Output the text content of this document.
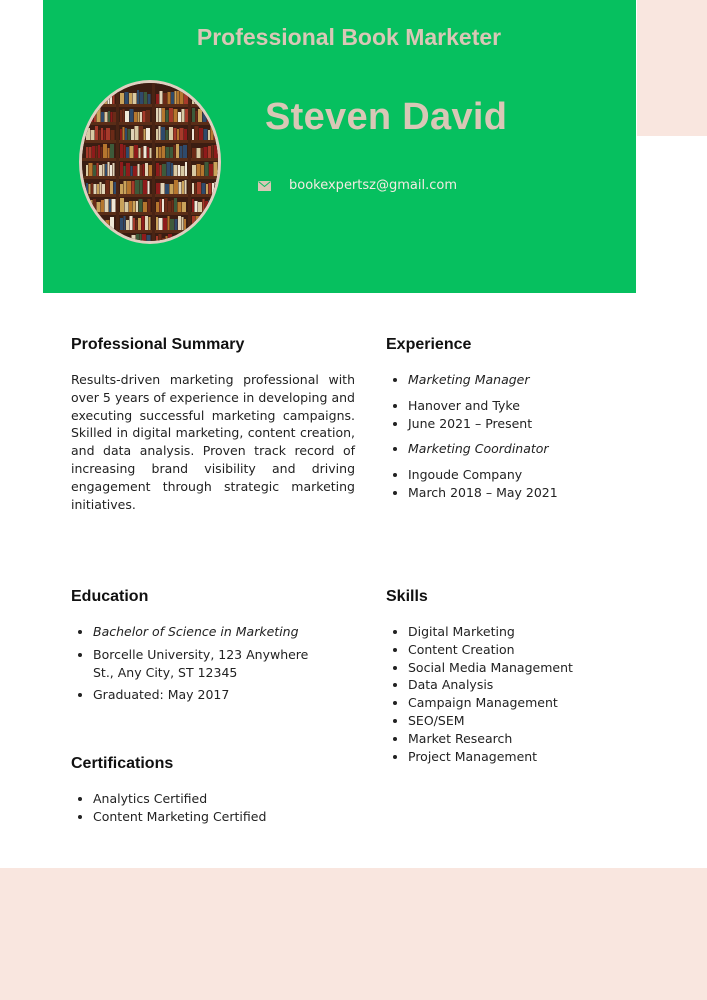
Professional Book Marketer
Steven David
bookexpertsz@gmail.com
Professional Summary

Results-driven marketing professional with over 5 years of experience in developing and executing successful marketing campaigns. Skilled in digital marketing, content creation, and data analysis. Proven track record of increasing brand visibility and driving engagement through strategic marketing initiatives.

Experience
Marketing Manager
Hanover and Tyke
June 2021 – Present
Marketing Coordinator
Ingoude Company
March 2018 – May 2021
Education
Bachelor of Science in Marketing
Borcelle University, 123 Anywhere St., Any City, ST 12345
Graduated: May 2017
Certifications
Analytics Certified
Content Marketing Certified
Skills
Digital Marketing
Content Creation
Social Media Management
Data Analysis
Campaign Management
SEO/SEM
Market Research
Project Management
